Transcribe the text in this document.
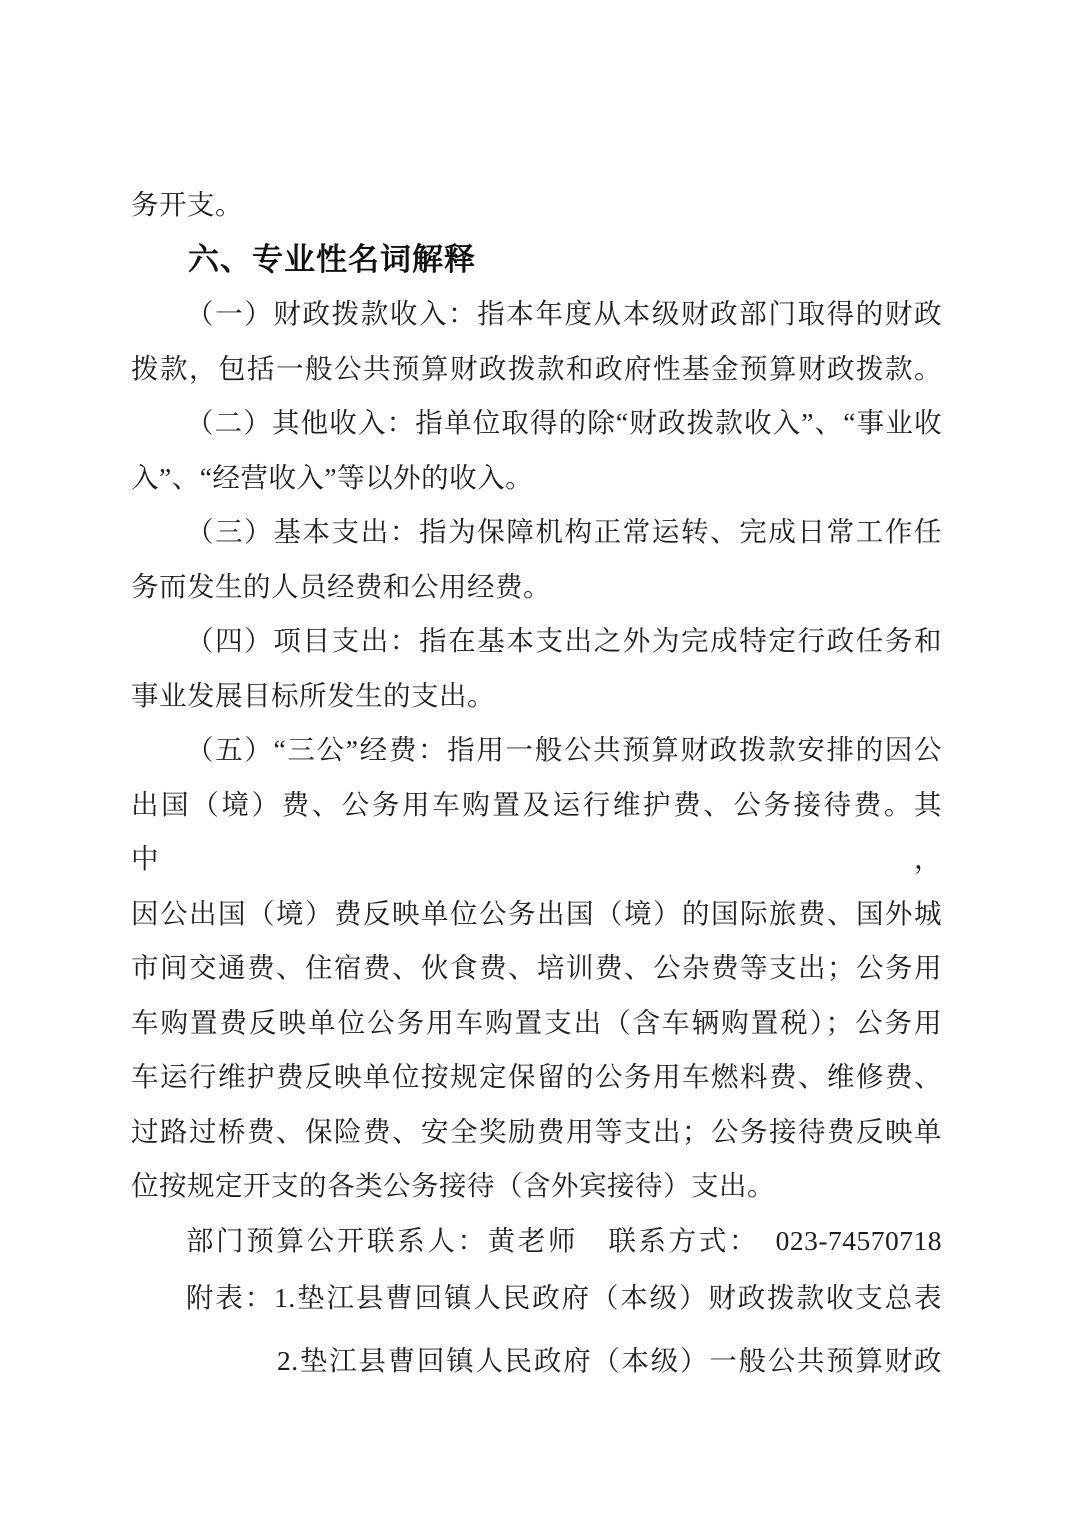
务开支。
六、专业性名词解释
（一）财政拨款收入：指本年度从本级财政部门取得的财政
拨款，包括一般公共预算财政拨款和政府性基金预算财政拨款。
（二）其他收入：指单位取得的除“财政拨款收入”、“事业收
入”、“经营收入”等以外的收入。
（三）基本支出：指为保障机构正常运转、完成日常工作任
务而发生的人员经费和公用经费。
（四）项目支出：指在基本支出之外为完成特定行政任务和
事业发展目标所发生的支出。
（五）“三公”经费：指用一般公共预算财政拨款安排的因公
出国（境）费、公务用车购置及运行维护费、公务接待费。其中，
因公出国（境）费反映单位公务出国（境）的国际旅费、国外城
市间交通费、住宿费、伙食费、培训费、公杂费等支出；公务用
车购置费反映单位公务用车购置支出（含车辆购置税）；公务用
车运行维护费反映单位按规定保留的公务用车燃料费、维修费、
过路过桥费、保险费、安全奖励费用等支出；公务接待费反映单
位按规定开支的各类公务接待（含外宾接待）支出。
部门预算公开联系人：黄老师　联系方式：　023-74570718
附表：1.垫江县曹回镇人民政府（本级）财政拨款收支总表
2.垫江县曹回镇人民政府（本级）一般公共预算财政
